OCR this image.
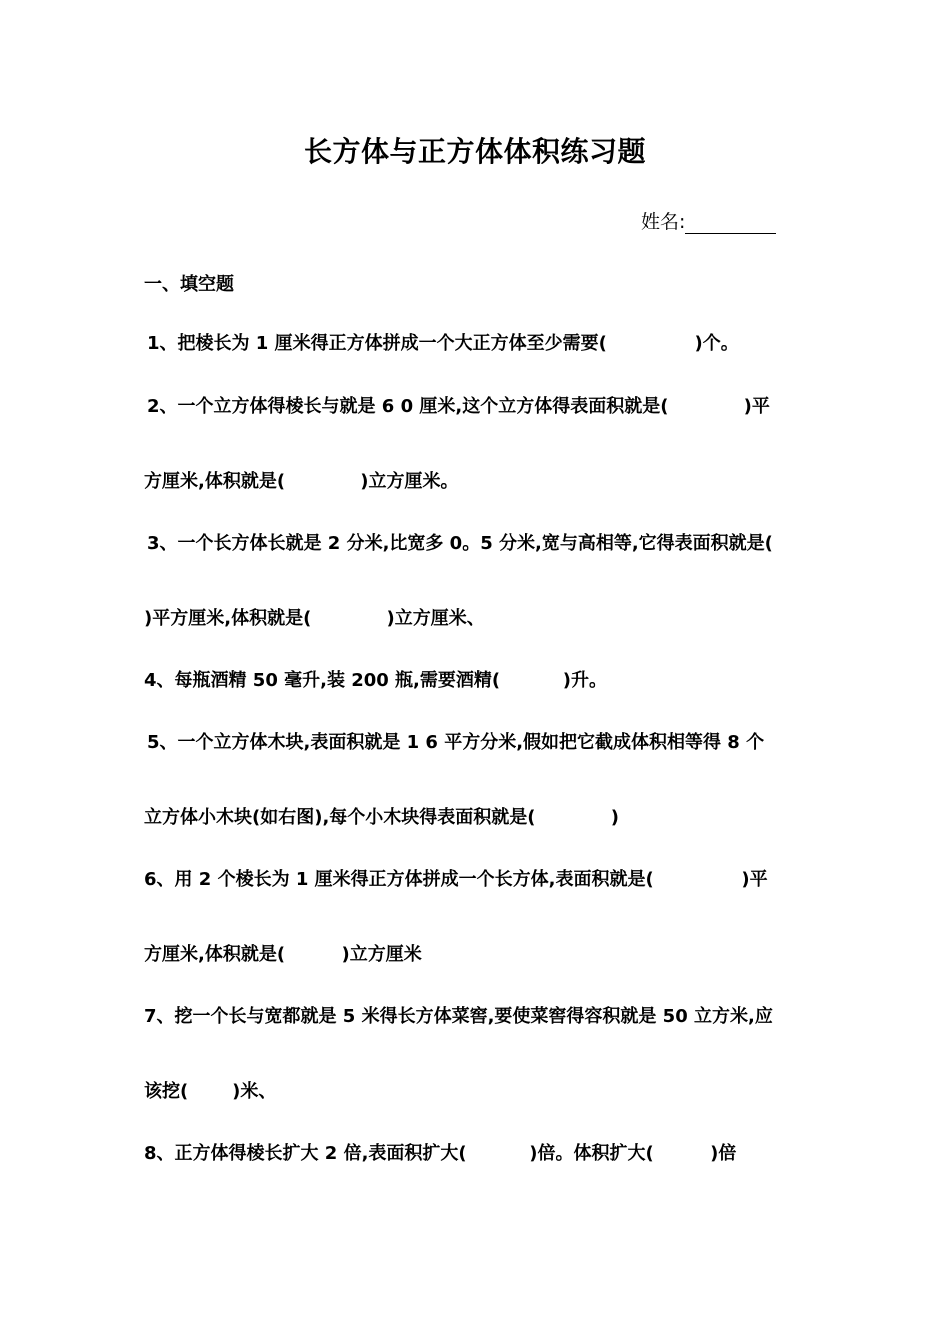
长方体与正方体体积练习题
姓名:
一、填空题
1、把棱长为 1 厘米得正方体拼成一个大正方体至少需要(              )个。
2、一个立方体得棱长与就是 6 0 厘米,这个立方体得表面积就是(            )平
方厘米,体积就是(            )立方厘米。
3、一个长方体长就是 2 分米,比宽多 0。5 分米,宽与高相等,它得表面积就是(
)平方厘米,体积就是(            )立方厘米、
4、每瓶酒精 50 毫升,装 200 瓶,需要酒精(          )升。
5、一个立方体木块,表面积就是 1 6 平方分米,假如把它截成体积相等得 8 个
立方体小木块(如右图),每个小木块得表面积就是(            )
6、用 2 个棱长为 1 厘米得正方体拼成一个长方体,表面积就是(              )平
方厘米,体积就是(         )立方厘米
7、挖一个长与宽都就是 5 米得长方体菜窖,要使菜窖得容积就是 50 立方米,应
该挖(       )米、
8、正方体得棱长扩大 2 倍,表面积扩大(          )倍。体积扩大(         )倍
